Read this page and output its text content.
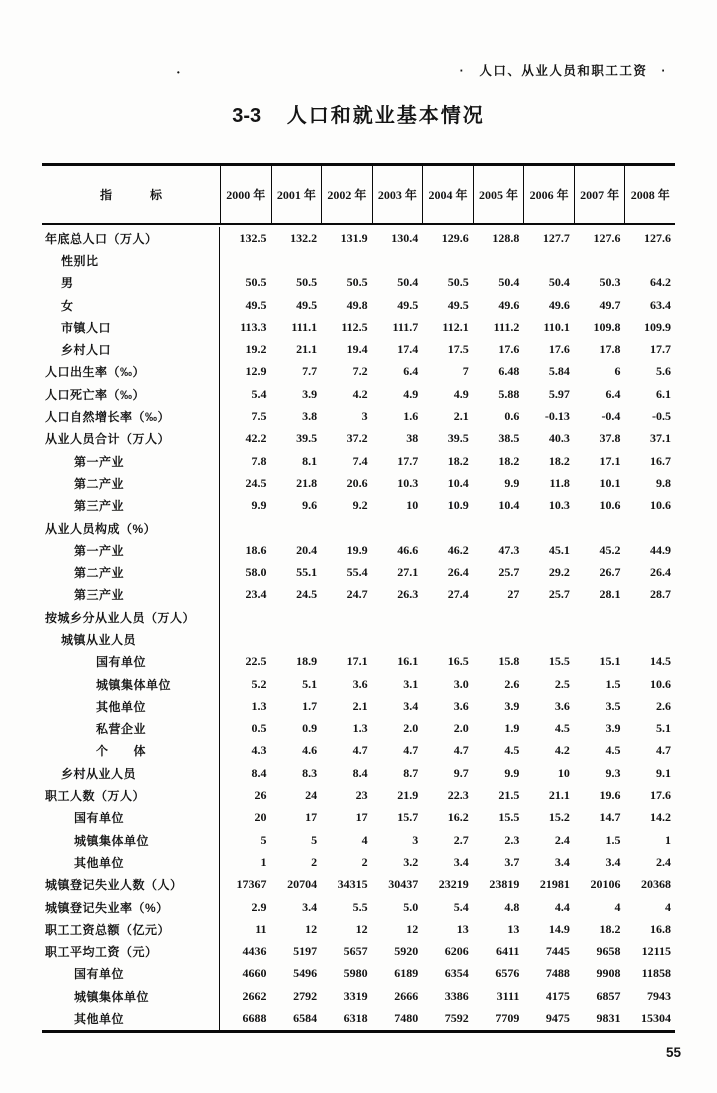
·　人口、从业人员和职工工资　·
·
3-3 人口和就业基本情况
指	标	2000 年 2001 年 2002 年 2003 年 2004 年 2005 年 2006 年 2007 年 2008 年
年底总人口（万人）	132.5	132.2	131.9	130.4	129.6	128.8	127.7	127.6	127.6
性别比
男	50.5	50.5	50.5	50.4	50.5	50.4	50.4	50.3	64.2
女	49.5	49.5	49.8	49.5	49.5	49.6	49.6	49.7	63.4
市镇人口	113.3	111.1	112.5	111.7	112.1	111.2	110.1	109.8	109.9
乡村人口	19.2	21.1	19.4	17.4	17.5	17.6	17.6	17.8	17.7
人口出生率（‰）	12.9	7.7	7.2	6.4	7	6.48	5.84	6	5.6
人口死亡率（‰）	5.4	3.9	4.2	4.9	4.9	5.88	5.97	6.4	6.1
人口自然增长率（‰）	7.5	3.8	3	1.6	2.1	0.6	-0.13	-0.4	-0.5
从业人员合计（万人）	42.2	39.5	37.2	38	39.5	38.5	40.3	37.8	37.1
第一产业	7.8	8.1	7.4	17.7	18.2	18.2	18.2	17.1	16.7
第二产业	24.5	21.8	20.6	10.3	10.4	9.9	11.8	10.1	9.8
第三产业	9.9	9.6	9.2	10	10.9	10.4	10.3	10.6	10.6
从业人员构成（%）
第一产业	18.6	20.4	19.9	46.6	46.2	47.3	45.1	45.2	44.9
第二产业	58.0	55.1	55.4	27.1	26.4	25.7	29.2	26.7	26.4
第三产业	23.4	24.5	24.7	26.3	27.4	27	25.7	28.1	28.7
按城乡分从业人员（万人）
城镇从业人员
国有单位	22.5	18.9	17.1	16.1	16.5	15.8	15.5	15.1	14.5
城镇集体单位	5.2	5.1	3.6	3.1	3.0	2.6	2.5	1.5	10.6
其他单位	1.3	1.7	2.1	3.4	3.6	3.9	3.6	3.5	2.6
私营企业	0.5	0.9	1.3	2.0	2.0	1.9	4.5	3.9	5.1
个　　体	4.3	4.6	4.7	4.7	4.7	4.5	4.2	4.5	4.7
乡村从业人员	8.4	8.3	8.4	8.7	9.7	9.9	10	9.3	9.1
职工人数（万人）	26	24	23	21.9	22.3	21.5	21.1	19.6	17.6
国有单位	20	17	17	15.7	16.2	15.5	15.2	14.7	14.2
城镇集体单位	5	5	4	3	2.7	2.3	2.4	1.5	1
其他单位	1	2	2	3.2	3.4	3.7	3.4	3.4	2.4
城镇登记失业人数（人）	17367	20704	34315	30437	23219	23819	21981	20106	20368
城镇登记失业率（%）	2.9	3.4	5.5	5.0	5.4	4.8	4.4	4	4
职工工资总额（亿元）	11	12	12	12	13	13	14.9	18.2	16.8
职工平均工资（元）	4436	5197	5657	5920	6206	6411	7445	9658	12115
国有单位	4660	5496	5980	6189	6354	6576	7488	9908	11858
城镇集体单位	2662	2792	3319	2666	3386	3111	4175	6857	7943
其他单位	6688	6584	6318	7480	7592	7709	9475	9831	15304
55
